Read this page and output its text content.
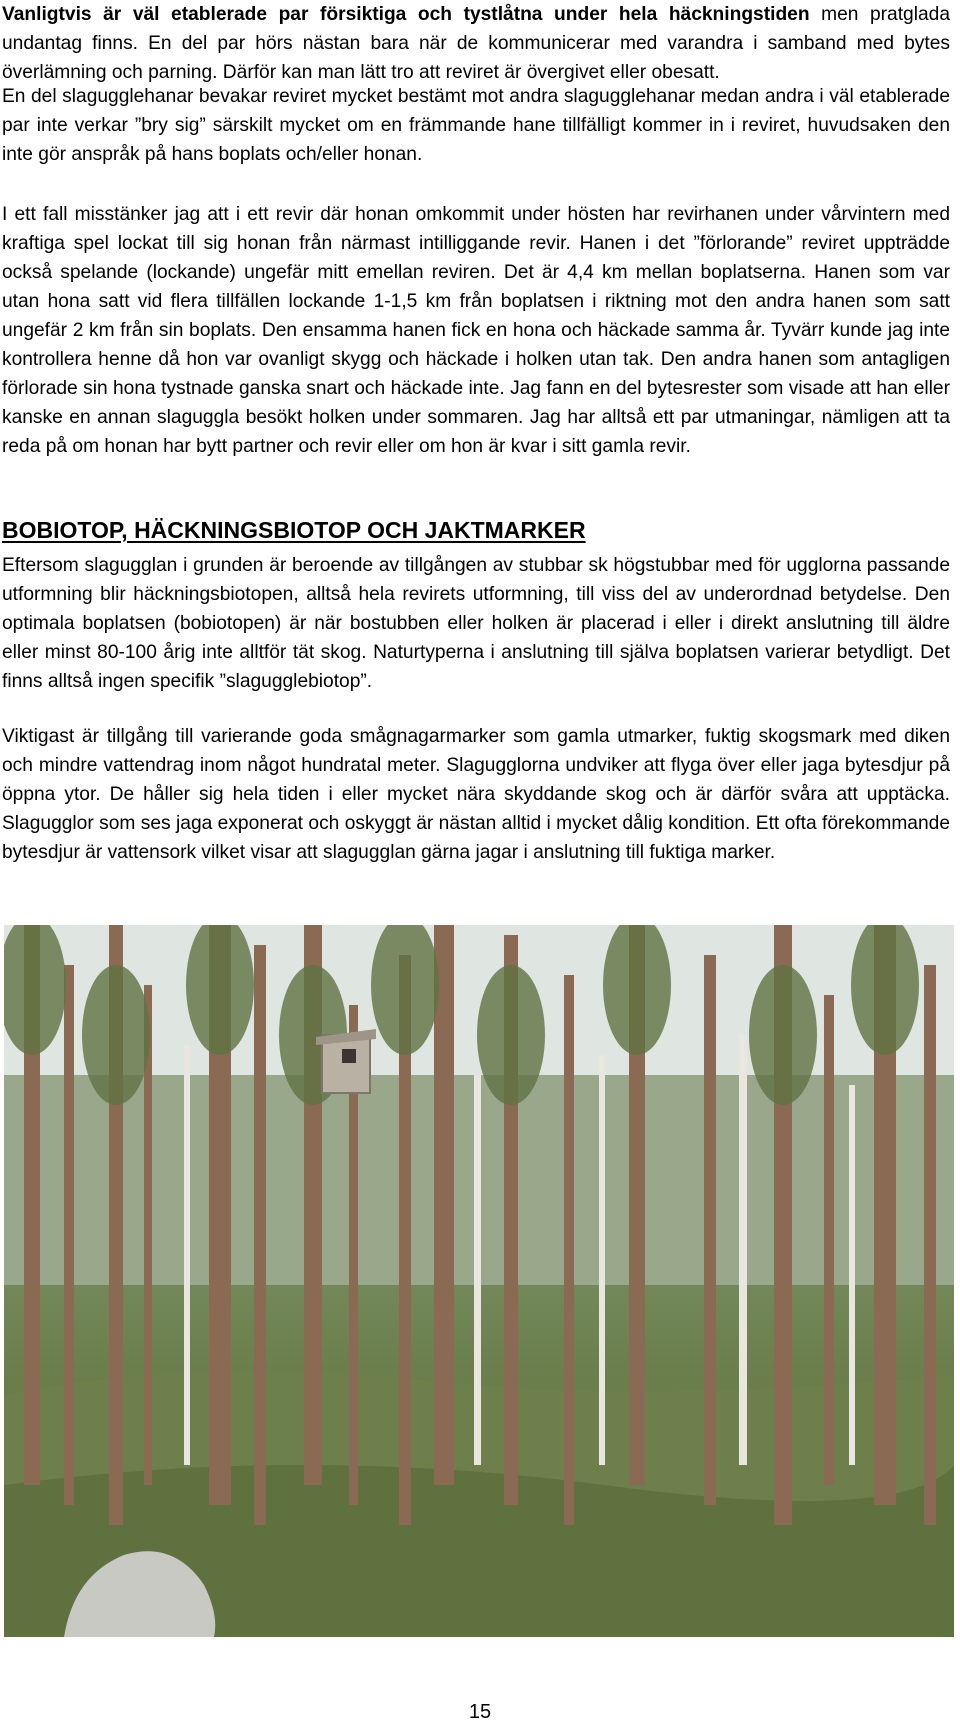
Vanligtvis är väl etablerade par försiktiga och tystlåtna under hela häckningstiden men pratglada undantag finns. En del par hörs nästan bara när de kommunicerar med varandra i samband med bytes överlämning och parning. Därför kan man lätt tro att reviret är övergivet eller obesatt.

En del slagugglehanar bevakar reviret mycket bestämt mot andra slagugglehanar medan andra i väl etablerade par inte verkar ”bry sig” särskilt mycket om en främmande hane tillfälligt kommer in i reviret, huvudsaken den inte gör anspråk på hans boplats och/eller honan.

I ett fall misstänker jag att i ett revir där honan omkommit under hösten har revirhanen under vårvintern med kraftiga spel lockat till sig honan från närmast intilliggande revir. Hanen i det ”förlorande” reviret uppträdde också spelande (lockande) ungefär mitt emellan reviren. Det är 4,4 km mellan boplatserna. Hanen som var utan hona satt vid flera tillfällen lockande 1-1,5 km från boplatsen i riktning mot den andra hanen som satt ungefär 2 km från sin boplats. Den ensamma hanen fick en hona och häckade samma år. Tyvärr kunde jag inte kontrollera henne då hon var ovanligt skygg och häckade i holken utan tak. Den andra hanen som antagligen förlorade sin hona tystnade ganska snart och häckade inte. Jag fann en del bytesrester som visade att han eller kanske en annan slaguggla besökt holken under sommaren. Jag har alltså ett par utmaningar, nämligen att ta reda på om honan har bytt partner och revir eller om hon är kvar i sitt gamla revir.

BOBIOTOP, HÄCKNINGSBIOTOP OCH JAKTMARKER

Eftersom slagugglan i grunden är beroende av tillgången av stubbar sk högstubbar med för ugglorna passande utformning blir häckningsbiotopen, alltså hela revirets utformning, till viss del av underordnad betydelse. Den optimala boplatsen (bobiotopen) är när bostubben eller holken är placerad i eller i direkt anslutning till äldre eller minst 80-100 årig inte alltför tät skog. Naturtyperna i anslutning till själva boplatsen varierar betydligt. Det finns alltså ingen specifik ”slagugglebiotop”.

Viktigast är tillgång till varierande goda smågnagarmarker som gamla utmarker, fuktig skogsmark med diken och mindre vattendrag inom något hundratal meter. Slagugglorna undviker att flyga över eller jaga bytesdjur på öppna ytor. De håller sig hela tiden i eller mycket nära skyddande skog och är därför svåra att upptäcka. Slagugglor som ses jaga exponerat och oskyggt är nästan alltid i mycket dålig kondition. Ett ofta förekommande bytesdjur är vattensork vilket visar att slagugglan gärna jagar i anslutning till fuktiga marker.

15
